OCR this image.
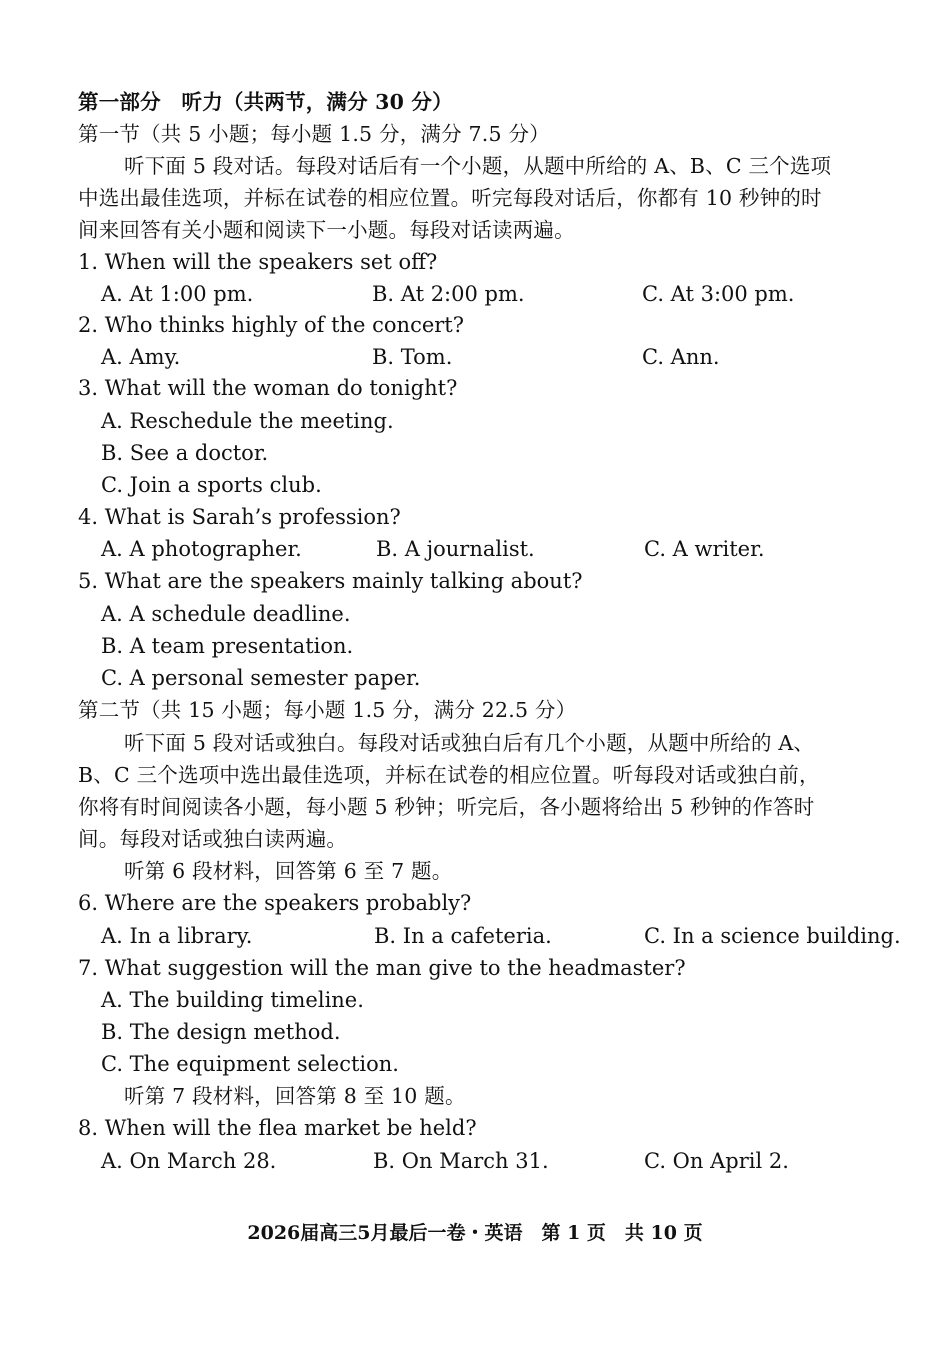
第一部分　听力（共两节，满分 30 分）
第一节（共 5 小题；每小题 1.5 分，满分 7.5 分）
听下面 5 段对话。每段对话后有一个小题，从题中所给的 A、B、C 三个选项
中选出最佳选项，并标在试卷的相应位置。听完每段对话后，你都有 10 秒钟的时
间来回答有关小题和阅读下一小题。每段对话读两遍。
1. When will the speakers set off?
A. At 1:00 pm.	B. At 2:00 pm.	C. At 3:00 pm.
2. Who thinks highly of the concert?
A. Amy.	B. Tom.	C. Ann.
3. What will the woman do tonight?
A. Reschedule the meeting.
B. See a doctor.
C. Join a sports club.
4. What is Sarah’s profession?
A. A photographer.	B. A journalist.	C. A writer.
5. What are the speakers mainly talking about?
A. A schedule deadline.
B. A team presentation.
C. A personal semester paper.
第二节（共 15 小题；每小题 1.5 分，满分 22.5 分）
听下面 5 段对话或独白。每段对话或独白后有几个小题，从题中所给的 A、
B、C 三个选项中选出最佳选项，并标在试卷的相应位置。听每段对话或独白前，
你将有时间阅读各小题，每小题 5 秒钟；听完后，各小题将给出 5 秒钟的作答时
间。每段对话或独白读两遍。
听第 6 段材料，回答第 6 至 7 题。
6. Where are the speakers probably?
A. In a library.	B. In a cafeteria.	C. In a science building.
7. What suggestion will the man give to the headmaster?
A. The building timeline.
B. The design method.
C. The equipment selection.
听第 7 段材料，回答第 8 至 10 题。
8. When will the flea market be held?
A. On March 28.	B. On March 31.	C. On April 2.
2026届高三5月最后一卷・英语　第 1 页　共 10 页
